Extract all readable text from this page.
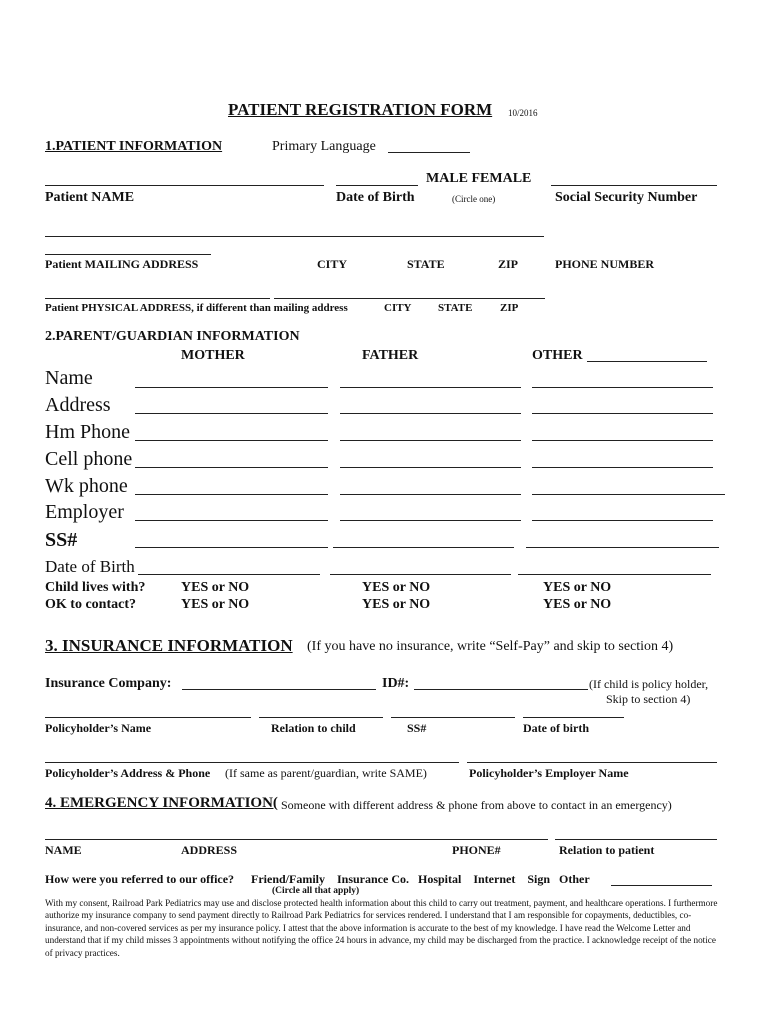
PATIENT REGISTRATION FORM 10/2016
1.PATIENT INFORMATION	Primary Language
MALE FEMALE
Patient NAME	Date of Birth	(Circle one)	Social Security Number
Patient MAILING ADDRESS	CITY	STATE	ZIP	PHONE NUMBER
Patient PHYSICAL ADDRESS, if different than mailing address	CITY STATE	ZIP
2.PARENT/GUARDIAN INFORMATION
MOTHER	FATHER	OTHER
Name
Address
Hm Phone
Cell phone
Wk phone
Employer
SS#
Date of Birth
Child lives with?	YES or NO	YES or NO	YES or NO
OK to contact?	YES or NO	YES or NO	YES or NO
3. INSURANCE INFORMATION (If you have no insurance, write “Self-Pay” and skip to section 4)
Insurance Company:	ID#:	(If child is policy holder,
Skip to section 4)
Policyholder’s Name	Relation to child	SS#	Date of birth
Policyholder’s Address & Phone (If same as parent/guardian, write SAME)	Policyholder’s Employer Name
4. EMERGENCY INFORMATION( Someone with different address & phone from above to contact in an emergency)
NAME	ADDRESS	PHONE#	Relation to patient
How were you referred to our office? Friend/Family    Insurance Co.   Hospital    Internet    Sign   Other
(Circle all that apply)
With my consent, Railroad Park Pediatrics may use and disclose protected health information about this child to carry out treatment, payment, and healthcare operations. I furthermore authorize my insurance company to send payment directly to Railroad Park Pediatrics for services rendered. I understand that I am responsible for copayments, deductibles, co-insurance, and non-covered services as per my insurance policy. I attest that the above information is accurate to the best of my knowledge. I have read the Welcome Letter and understand that if my child misses 3 appointments without notifying the office 24 hours in advance, my child may be discharged from the practice. I acknowledge receipt of the notice of privacy practices.
